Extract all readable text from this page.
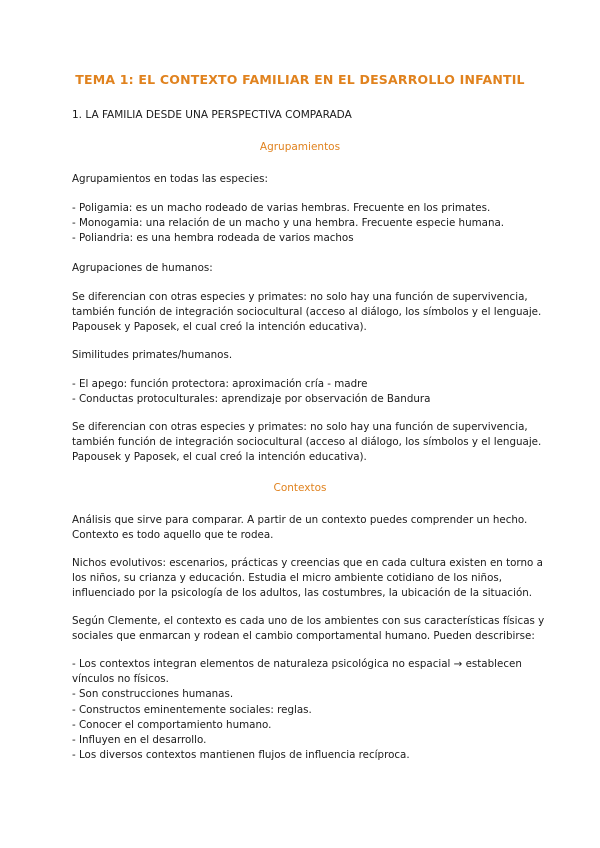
TEMA 1: EL CONTEXTO FAMILIAR EN EL DESARROLLO INFANTIL
1. LA FAMILIA DESDE UNA PERSPECTIVA COMPARADA
Agrupamientos
Agrupamientos en todas las especies:
- Poligamia: es un macho rodeado de varias hembras. Frecuente en los primates.
- Monogamia: una relación de un macho y una hembra. Frecuente especie humana.
- Poliandria: es una hembra rodeada de varios machos
Agrupaciones de humanos:
Se diferencian con otras especies y primates: no solo hay una función de supervivencia,
también función de integración sociocultural (acceso al diálogo, los símbolos y el lenguaje.
Papousek y Paposek, el cual creó la intención educativa).
Similitudes primates/humanos.
- El apego: función protectora: aproximación cría - madre
- Conductas protoculturales: aprendizaje por observación de Bandura
Se diferencian con otras especies y primates: no solo hay una función de supervivencia,
también función de integración sociocultural (acceso al diálogo, los símbolos y el lenguaje.
Papousek y Paposek, el cual creó la intención educativa).
Contextos
Análisis que sirve para comparar. A partir de un contexto puedes comprender un hecho.
Contexto es todo aquello que te rodea.
Nichos evolutivos: escenarios, prácticas y creencias que en cada cultura existen en torno a
los niños, su crianza y educación. Estudia el micro ambiente cotidiano de los niños,
influenciado por la psicología de los adultos, las costumbres, la ubicación de la situación.
Según Clemente, el contexto es cada uno de los ambientes con sus características físicas y
sociales que enmarcan y rodean el cambio comportamental humano. Pueden describirse:
- Los contextos integran elementos de naturaleza psicológica no espacial → establecen
vínculos no físicos.
- Son construcciones humanas.
- Constructos eminentemente sociales: reglas.
- Conocer el comportamiento humano.
- Influyen en el desarrollo.
- Los diversos contextos mantienen flujos de influencia recíproca.
